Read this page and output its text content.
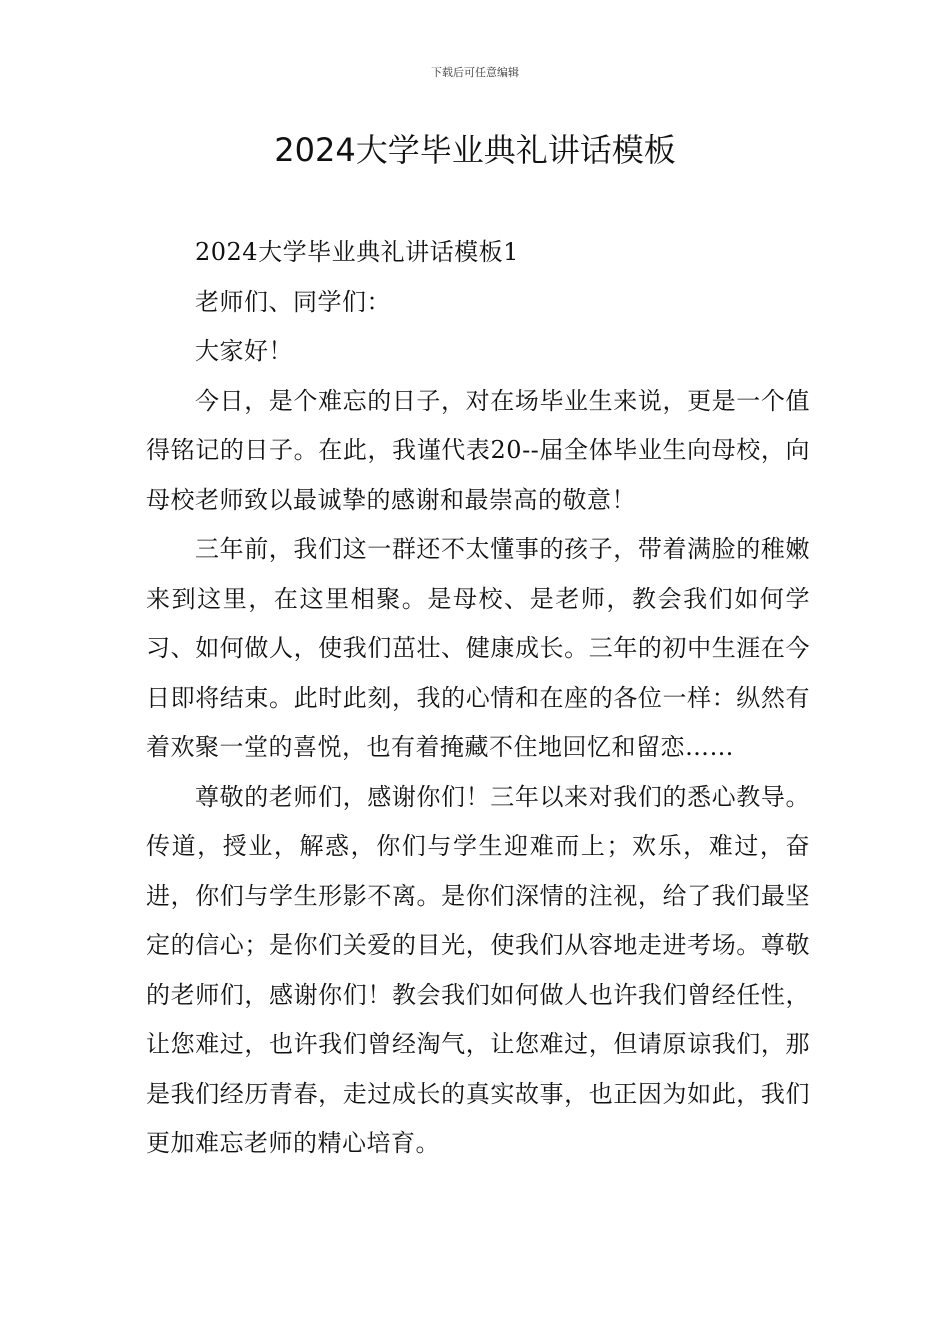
下载后可任意编辑
2024大学毕业典礼讲话模板

2024大学毕业典礼讲话模板1

老师们、同学们：

大家好！

今日，是个难忘的日子，对在场毕业生来说，更是一个值得铭记的日子。在此，我谨代表20--届全体毕业生向母校，向母校老师致以最诚挚的感谢和最崇高的敬意！

三年前，我们这一群还不太懂事的孩子，带着满脸的稚嫩来到这里，在这里相聚。是母校、是老师，教会我们如何学习、如何做人，使我们茁壮、健康成长。三年的初中生涯在今日即将结束。此时此刻，我的心情和在座的各位一样：纵然有着欢聚一堂的喜悦，也有着掩藏不住地回忆和留恋……

尊敬的老师们，感谢你们！三年以来对我们的悉心教导。传道，授业，解惑，你们与学生迎难而上；欢乐，难过，奋进，你们与学生形影不离。是你们深情的注视，给了我们最坚定的信心；是你们关爱的目光，使我们从容地走进考场。尊敬的老师们，感谢你们！教会我们如何做人也许我们曾经任性，让您难过，也许我们曾经淘气，让您难过，但请原谅我们，那是我们经历青春，走过成长的真实故事，也正因为如此，我们更加难忘老师的精心培育。
